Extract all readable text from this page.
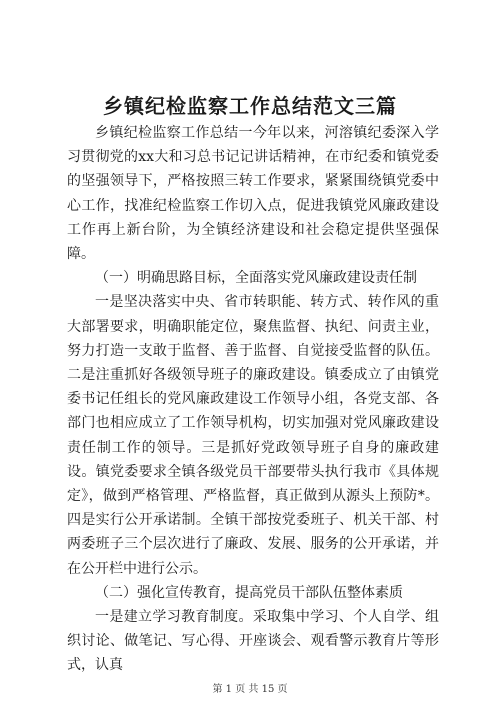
乡镇纪检监察工作总结范文三篇

乡镇纪检监察工作总结一今年以来，河溶镇纪委深入学习贯彻党的xx大和习总书记记讲话精神，在市纪委和镇党委的坚强领导下，严格按照三转工作要求，紧紧围绕镇党委中心工作，找准纪检监察工作切入点，促进我镇党风廉政建设工作再上新台阶，为全镇经济建设和社会稳定提供坚强保障。

（一）明确思路目标，全面落实党风廉政建设责任制

一是坚决落实中央、省市转职能、转方式、转作风的重大部署要求，明确职能定位，聚焦监督、执纪、问责主业，努力打造一支敢于监督、善于监督、自觉接受监督的队伍。二是注重抓好各级领导班子的廉政建设。镇委成立了由镇党委书记任组长的党风廉政建设工作领导小组，各党支部、各部门也相应成立了工作领导机构，切实加强对党风廉政建设责任制工作的领导。三是抓好党政领导班子自身的廉政建设。镇党委要求全镇各级党员干部要带头执行我市《具体规定》，做到严格管理、严格监督，真正做到从源头上预防*。四是实行公开承诺制。全镇干部按党委班子、机关干部、村两委班子三个层次进行了廉政、发展、服务的公开承诺，并在公开栏中进行公示。

（二）强化宣传教育，提高党员干部队伍整体素质

一是建立学习教育制度。采取集中学习、个人自学、组织讨论、做笔记、写心得、开座谈会、观看警示教育片等形式，认真

第 1 页 共 15 页
